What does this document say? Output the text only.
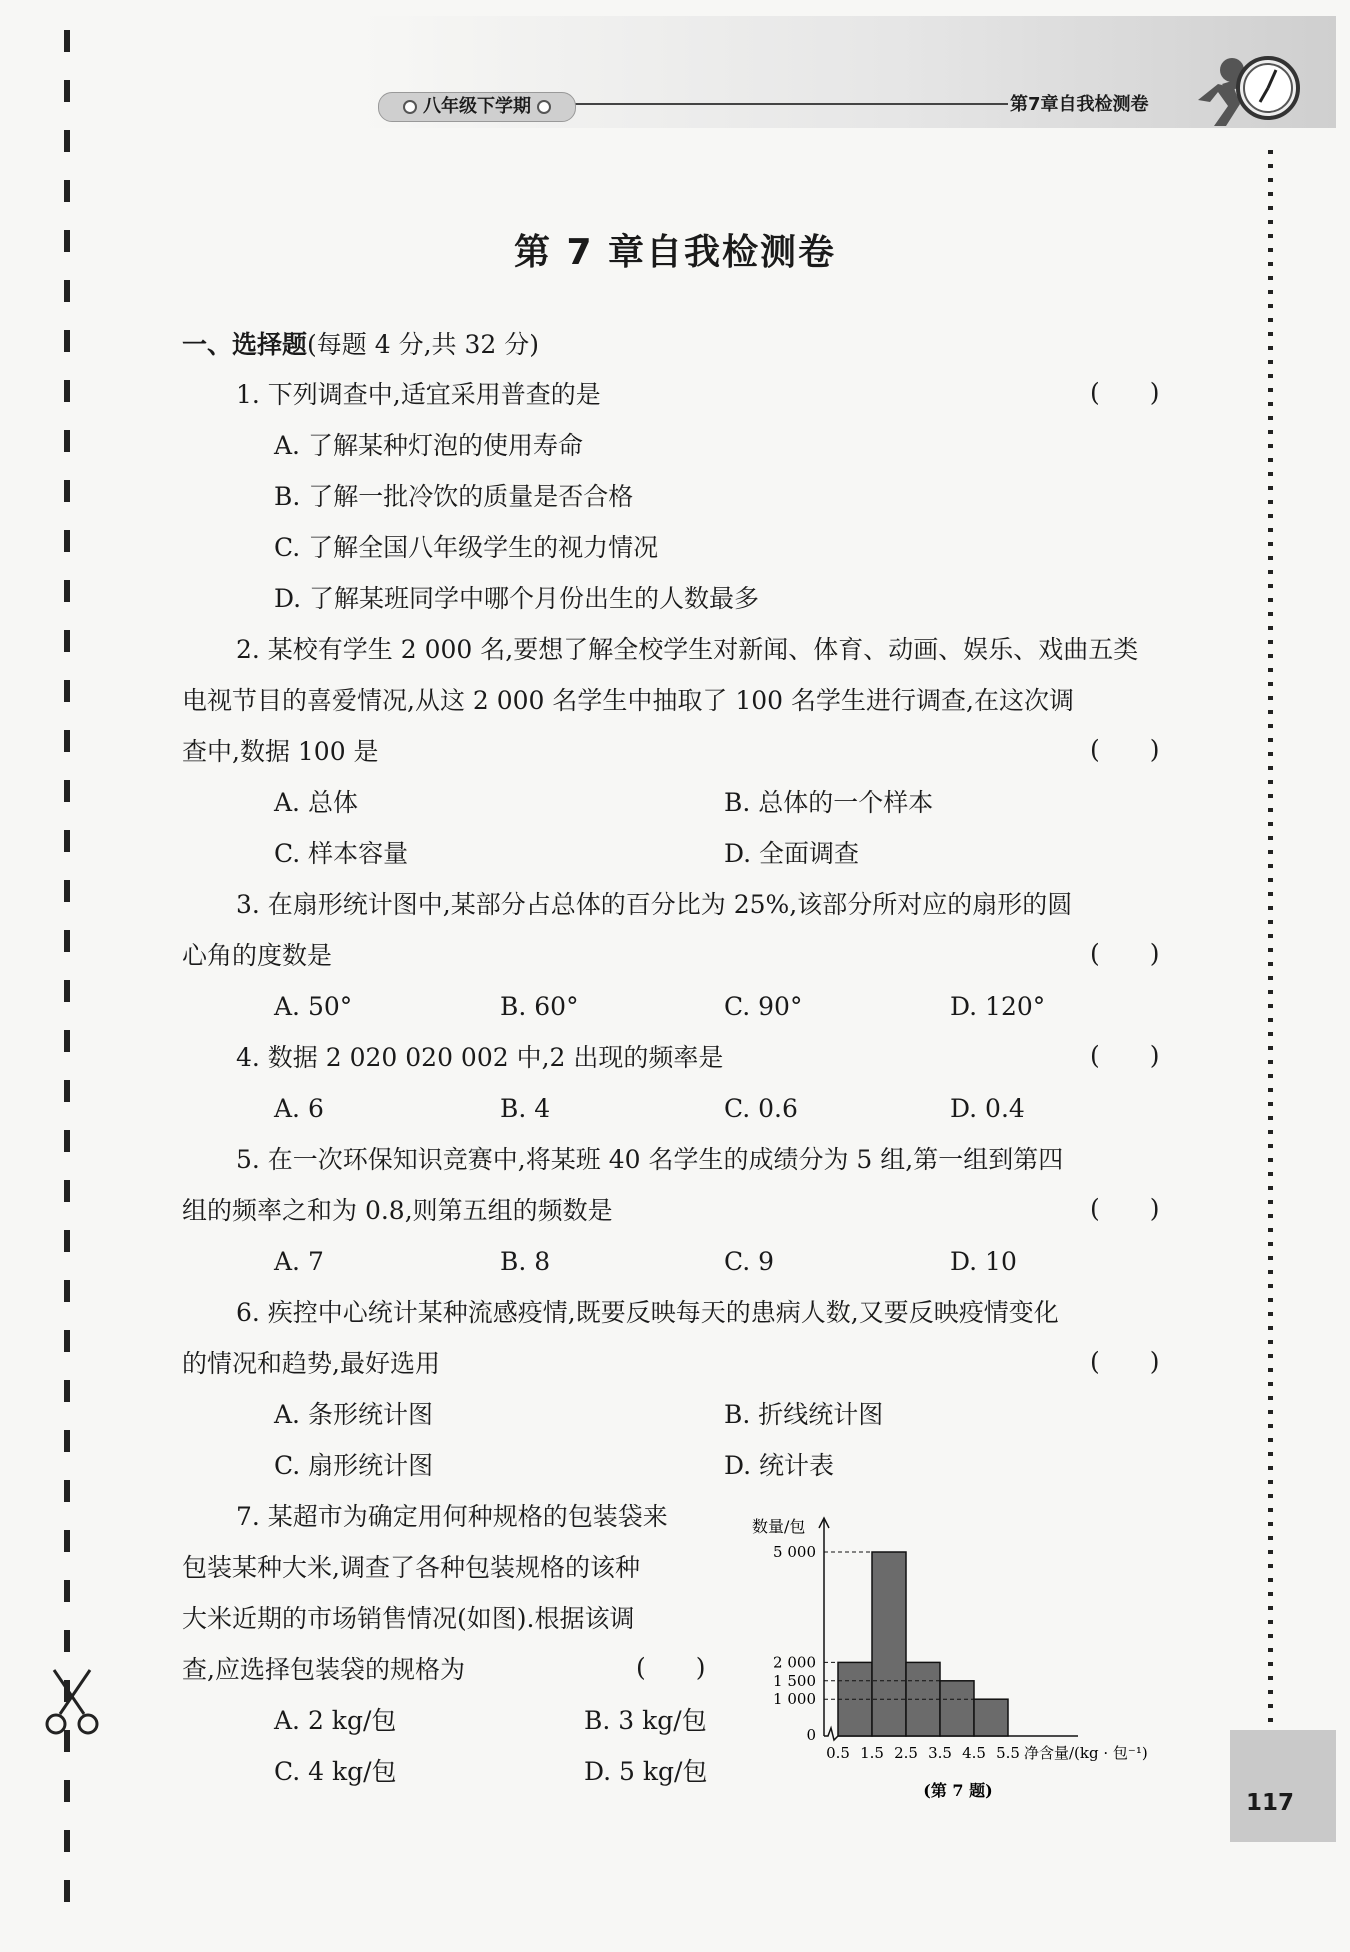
八年级下学期	第7章自我检测卷
第 7 章自我检测卷
一、选择题(每题 4 分,共 32 分)
1. 下列调查中,适宜采用普查的是	(　　)
A. 了解某种灯泡的使用寿命
B. 了解一批冷饮的质量是否合格
C. 了解全国八年级学生的视力情况
D. 了解某班同学中哪个月份出生的人数最多
2. 某校有学生 2 000 名,要想了解全校学生对新闻、体育、动画、娱乐、戏曲五类
电视节目的喜爱情况,从这 2 000 名学生中抽取了 100 名学生进行调查,在这次调
查中,数据 100 是	(　　)
A. 总体	B. 总体的一个样本
C. 样本容量	D. 全面调查
3. 在扇形统计图中,某部分占总体的百分比为 25%,该部分所对应的扇形的圆
心角的度数是	(　　)
A. 50°	B. 60°	C. 90°	D. 120°
4. 数据 2 020 020 002 中,2 出现的频率是	(　　)
A. 6	B. 4	C. 0.6	D. 0.4
5. 在一次环保知识竞赛中,将某班 40 名学生的成绩分为 5 组,第一组到第四
组的频率之和为 0.8,则第五组的频数是	(　　)
A. 7	B. 8	C. 9	D. 10
6. 疾控中心统计某种流感疫情,既要反映每天的患病人数,又要反映疫情变化
的情况和趋势,最好选用	(　　)
A. 条形统计图	B. 折线统计图
C. 扇形统计图	D. 统计表
7. 某超市为确定用何种规格的包装袋来
包装某种大米,调查了各种包装规格的该种
大米近期的市场销售情况(如图).根据该调
查,应选择包装袋的规格为	(　　)
A. 2 kg/包	B. 3 kg/包
C. 4 kg/包	D. 5 kg/包
0
1 000
1 500
2 000
5 000
0.5 1.5 2.5 3.5 4.5 5.5
数量/包
净含量/(kg · 包⁻¹)
(第 7 题)	117
